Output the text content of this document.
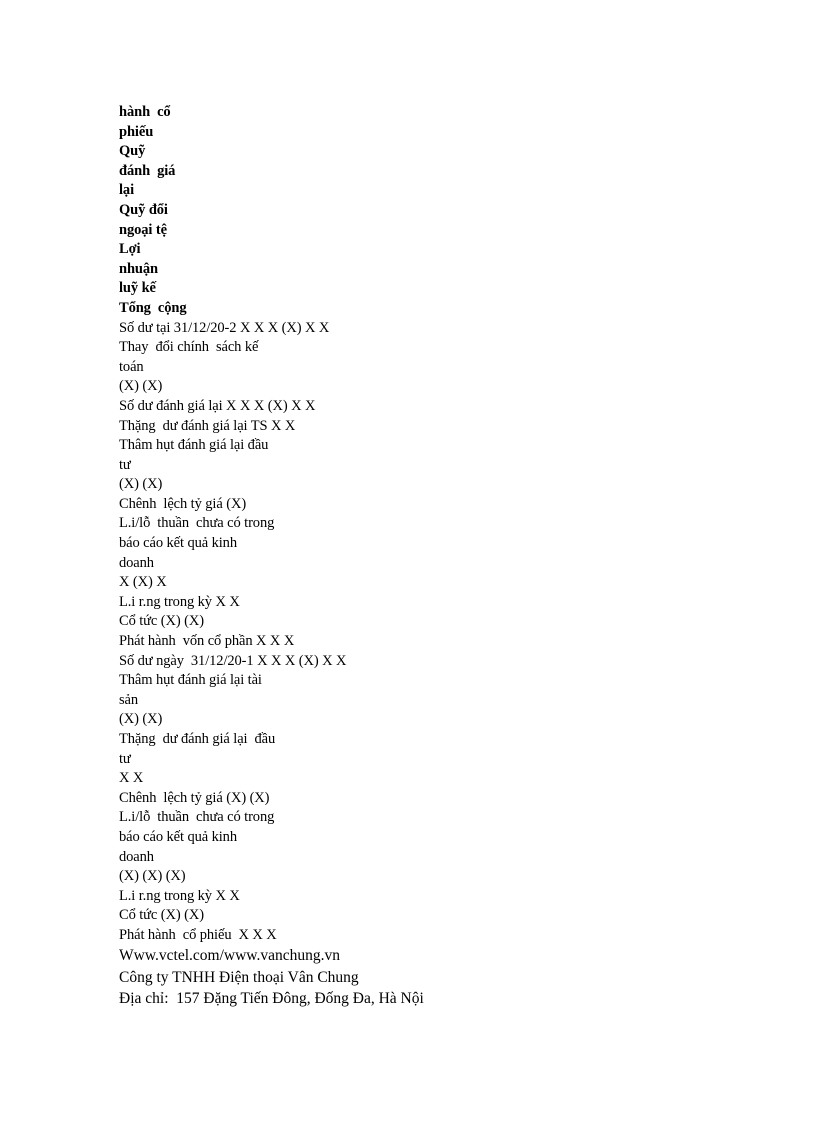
hành  cổ
phiếu
Quỹ
đánh  giá
lại
Quỹ đổi
ngoại tệ
Lợi
nhuận
luỹ kế
Tổng  cộng
Số dư tại 31/12/20-2 X X X (X) X X
Thay  đổi chính  sách kế
toán
(X) (X)
Số dư đánh giá lại X X X (X) X X
Thặng  dư đánh giá lại TS X X
Thâm hụt đánh giá lại đầu
tư
(X) (X)
Chênh  lệch tỷ giá (X)
L.i/lỗ  thuần  chưa có trong
báo cáo kết quả kinh
doanh
X (X) X
L.i r.ng trong kỳ X X
Cổ tức (X) (X)
Phát hành  vốn cổ phần X X X
Số dư ngày  31/12/20-1 X X X (X) X X
Thâm hụt đánh giá lại tài
sản
(X) (X)
Thặng  dư đánh giá lại  đầu
tư
X X
Chênh  lệch tỷ giá (X) (X)
L.i/lỗ  thuần  chưa có trong
báo cáo kết quả kinh
doanh
(X) (X) (X)
L.i r.ng trong kỳ X X
Cổ tức (X) (X)
Phát hành  cổ phiếu  X X X
Www.vctel.com/www.vanchung.vn
Công ty TNHH Điện thoại Vân Chung
Địa chỉ:  157 Đặng Tiến Đông, Đống Đa, Hà Nội
